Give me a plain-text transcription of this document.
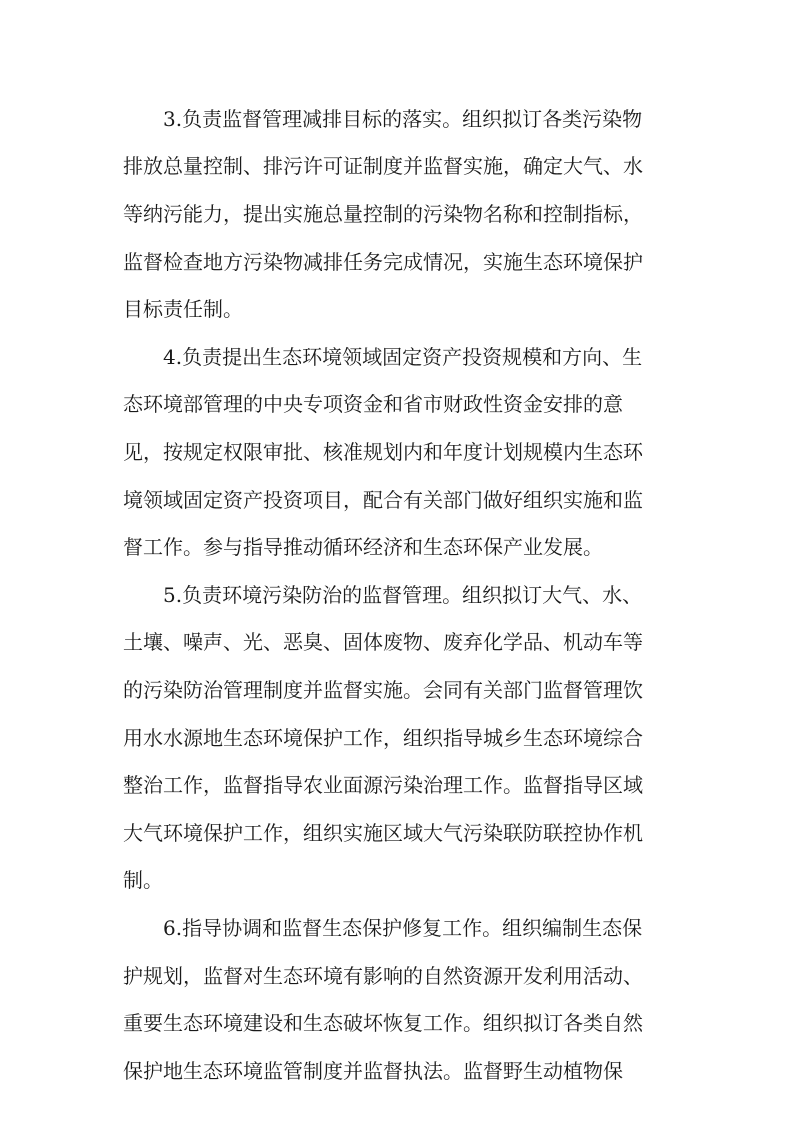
3.负责监督管理减排目标的落实。组织拟订各类污染物
排放总量控制、排污许可证制度并监督实施，确定大气、水
等纳污能力，提出实施总量控制的污染物名称和控制指标，
监督检查地方污染物减排任务完成情况，实施生态环境保护
目标责任制。
4.负责提出生态环境领域固定资产投资规模和方向、生
态环境部管理的中央专项资金和省市财政性资金安排的意
见，按规定权限审批、核准规划内和年度计划规模内生态环
境领域固定资产投资项目，配合有关部门做好组织实施和监
督工作。参与指导推动循环经济和生态环保产业发展。
5.负责环境污染防治的监督管理。组织拟订大气、水、
土壤、噪声、光、恶臭、固体废物、废弃化学品、机动车等
的污染防治管理制度并监督实施。会同有关部门监督管理饮
用水水源地生态环境保护工作，组织指导城乡生态环境综合
整治工作，监督指导农业面源污染治理工作。监督指导区域
大气环境保护工作，组织实施区域大气污染联防联控协作机
制。
6.指导协调和监督生态保护修复工作。组织编制生态保
护规划，监督对生态环境有影响的自然资源开发利用活动、
重要生态环境建设和生态破坏恢复工作。组织拟订各类自然
保护地生态环境监管制度并监督执法。监督野生动植物保
